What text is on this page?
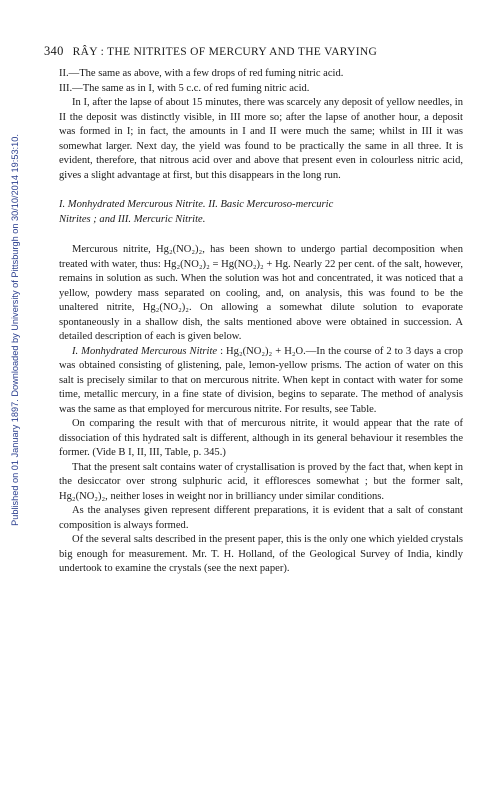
Published on 01 January 1897. Downloaded by University of Pittsburgh on 30/10/2014 19:53:10.
340 RÂY : THE NITRITES OF MERCURY AND THE VARYING

II.—The same as above, with a few drops of red fuming nitric acid.

III.—The same as in I, with 5 c.c. of red fuming nitric acid.

In I, after the lapse of about 15 minutes, there was scarcely any deposit of yellow needles, in II the deposit was distinctly visible, in III more so; after the lapse of another hour, a deposit was formed in I; in fact, the amounts in I and II were much the same; whilst in III it was somewhat larger. Next day, the yield was found to be practically the same in all three. It is evident, therefore, that nitrous acid over and above that present even in colourless nitric acid, gives a slight advantage at first, but this disappears in the long run.

I. Monhydrated Mercurous Nitrite. II. Basic Mercuroso-mercuric
Nitrites ; and III. Mercuric Nitrite.

Mercurous nitrite, Hg₂(NO₂)₂, has been shown to undergo partial decomposition when treated with water, thus: Hg₂(NO₂)₂ = Hg(NO₂)₂ + Hg. Nearly 22 per cent. of the salt, however, remains in solution as such. When the solution was hot and concentrated, it was noticed that a yellow, powdery mass separated on cooling, and, on analysis, this was found to be the unaltered nitrite, Hg₂(NO₂)₂. On allowing a somewhat dilute solution to evaporate spontaneously in a shallow dish, the salts mentioned above were obtained in succession. A detailed description of each is given below.

I. Monhydrated Mercurous Nitrite : Hg₂(NO₂)₂ + H₂O.—In the course of 2 to 3 days a crop was obtained consisting of glistening, pale, lemon-yellow prisms. The action of water on this salt is precisely similar to that on mercurous nitrite. When kept in contact with water for some time, metallic mercury, in a fine state of division, begins to separate. The method of analysis was the same as that employed for mercurous nitrite. For results, see Table.

On comparing the result with that of mercurous nitrite, it would appear that the rate of dissociation of this hydrated salt is different, although in its general behaviour it resembles the former. (Vide B I, II, III, Table, p. 345.)

That the present salt contains water of crystallisation is proved by the fact that, when kept in the desiccator over strong sulphuric acid, it effloresces somewhat ; but the former salt, Hg₂(NO₂)₂, neither loses in weight nor in brilliancy under similar conditions.

As the analyses given represent different preparations, it is evident that a salt of constant composition is always formed.

Of the several salts described in the present paper, this is the only one which yielded crystals big enough for measurement. Mr. T. H. Holland, of the Geological Survey of India, kindly undertook to examine the crystals (see the next paper).
